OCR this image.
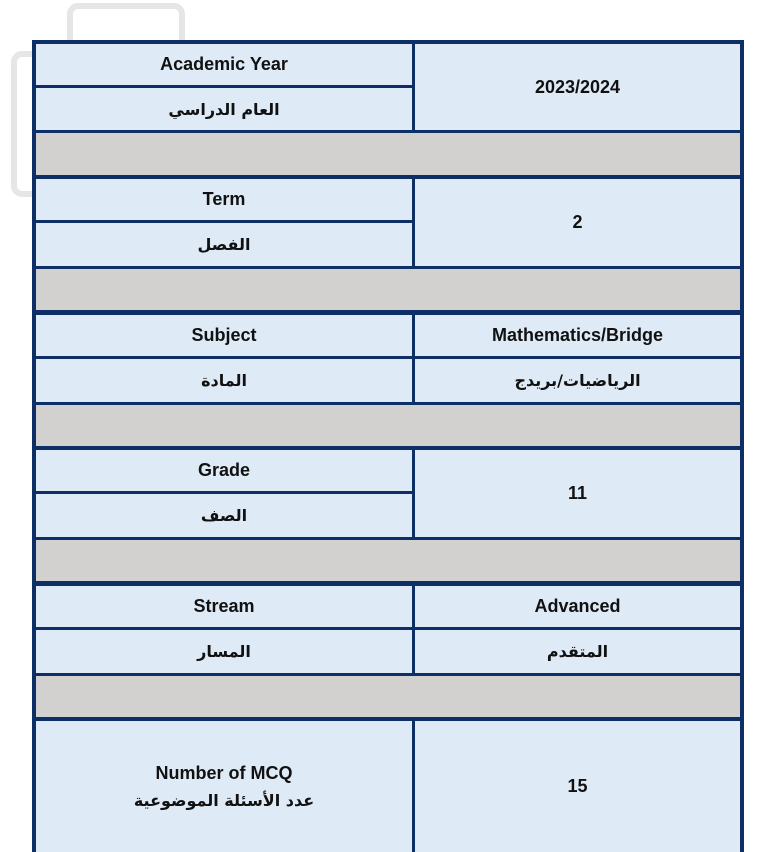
Academic Year
العام الدراسي
2023/2024
Term
الفصل
2
Subject
المادة
Mathematics/Bridge
الرياضيات/بريدج
Grade
الصف
11
Stream
المسار
Advanced
المتقدم
Number of MCQ
عدد الأسئلة الموضوعية
15
